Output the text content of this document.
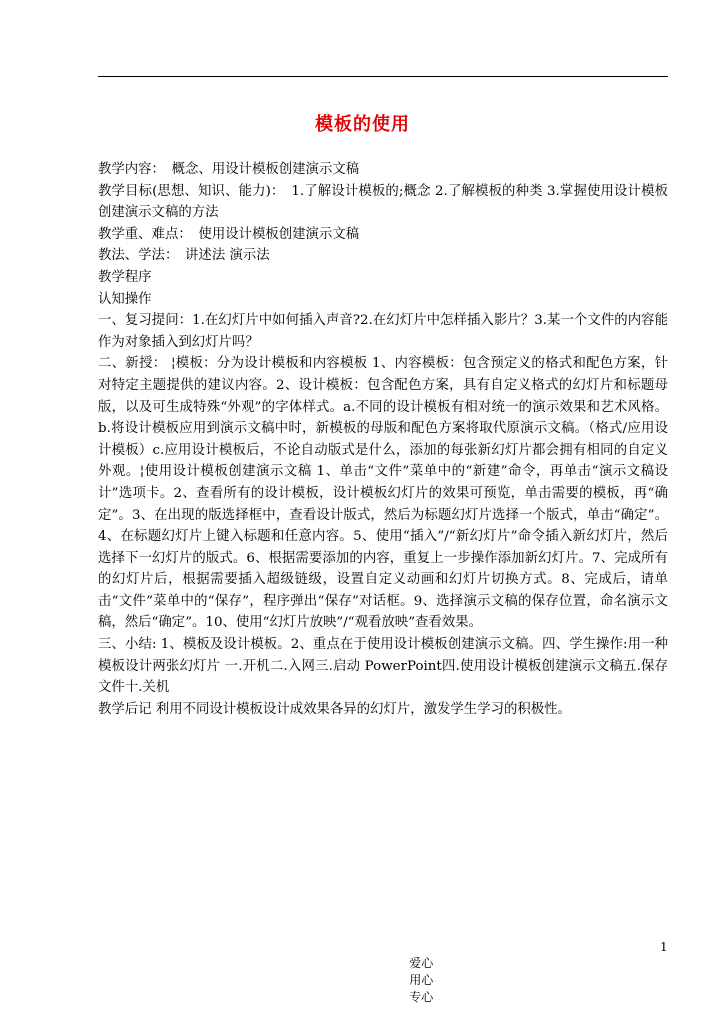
模板的使用

教学内容：　概念、用设计模板创建演示文稿

教学目标(思想、知识、能力)：　1.了解设计模板的;概念 2.了解模板的种类 3.掌握使用设计模板创建演示文稿的方法

教学重、难点：　使用设计模板创建演示文稿

教法、学法：　讲述法 演示法

教学程序

认知操作

一、复习提问：1.在幻灯片中如何插入声音?2.在幻灯片中怎样插入影片？3.某一个文件的内容能作为对象插入到幻灯片吗？

二、新授： ¦模板：分为设计模板和内容模板 1、内容模板：包含预定义的格式和配色方案，针对特定主题提供的建议内容。2、设计模板：包含配色方案，具有自定义格式的幻灯片和标题母版，以及可生成特殊“外观”的字体样式。a.不同的设计模板有相对统一的演示效果和艺术风格。b.将设计模板应用到演示文稿中时，新模板的母版和配色方案将取代原演示文稿。（格式/应用设计模板）c.应用设计模板后，不论自动版式是什么，添加的每张新幻灯片都会拥有相同的自定义外观。¦使用设计模板创建演示文稿 1、单击“文件”菜单中的“新建”命令，再单击“演示文稿设计”选项卡。2、查看所有的设计模板，设计模板幻灯片的效果可预览，单击需要的模板，再“确定”。3、在出现的版选择框中，查看设计版式，然后为标题幻灯片选择一个版式，单击“确定”。4、在标题幻灯片上键入标题和任意内容。5、使用“插入”/“新幻灯片”命令插入新幻灯片，然后选择下一幻灯片的版式。6、根据需要添加的内容，重复上一步操作添加新幻灯片。7、完成所有的幻灯片后，根据需要插入超级链级，设置自定义动画和幻灯片切换方式。8、完成后，请单击“文件”菜单中的“保存”，程序弹出“保存”对话框。9、选择演示文稿的保存位置，命名演示文稿，然后“确定”。10、使用“幻灯片放映”/“观看放映”查看效果。

三、小结: 1、模板及设计模板。2、重点在于使用设计模板创建演示文稿。四、学生操作:用一种模板设计两张幻灯片 一.开机二.入网三.启动 PowerPoint四.使用设计模板创建演示文稿五.保存文件十.关机

教学后记 利用不同设计模板设计成效果各异的幻灯片，激发学生学习的积极性。

爱心
用心
专心

1
